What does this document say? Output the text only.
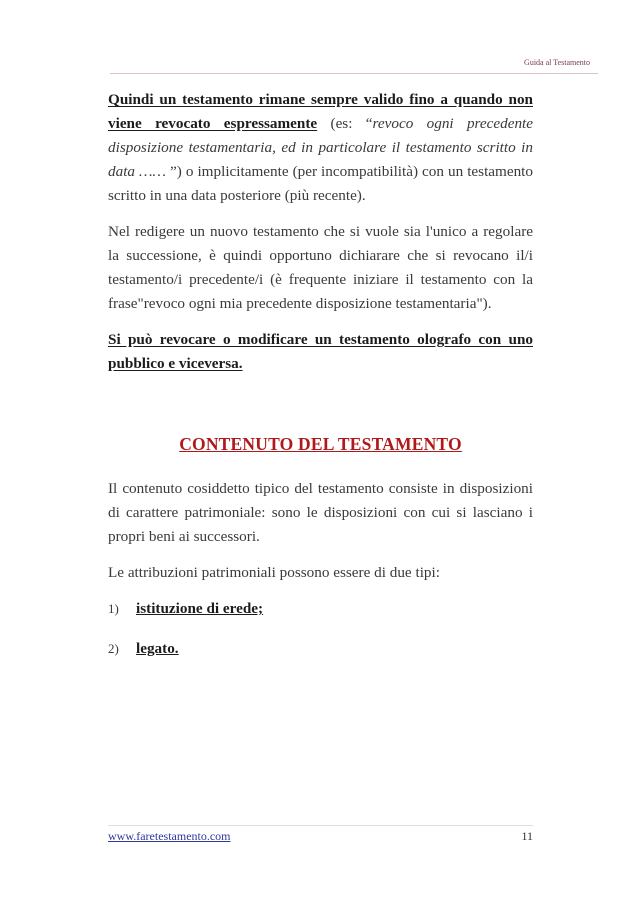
Guida al Testamento

Quindi un testamento rimane sempre valido fino a quando non viene revocato espressamente (es: “revoco ogni precedente disposizione testamentaria, ed in particolare il testamento scritto in data …… ”) o implicitamente (per incompatibilità) con un testamento scritto in una data posteriore (più recente).

Nel redigere un nuovo testamento che si vuole sia l'unico a regolare la successione, è quindi opportuno dichiarare che si revocano il/i testamento/i precedente/i (è frequente iniziare il testamento con la frase"revoco ogni mia precedente disposizione testamentaria").

Si può revocare o modificare un testamento olografo con uno pubblico e viceversa.

CONTENUTO DEL TESTAMENTO

Il contenuto cosiddetto tipico del testamento consiste in disposizioni di carattere patrimoniale: sono le disposizioni con cui si lasciano i propri beni ai successori.

Le attribuzioni patrimoniali possono essere di due tipi:

1)	istituzione di erede;
2)	legato.
www.faretestamento.com	11
